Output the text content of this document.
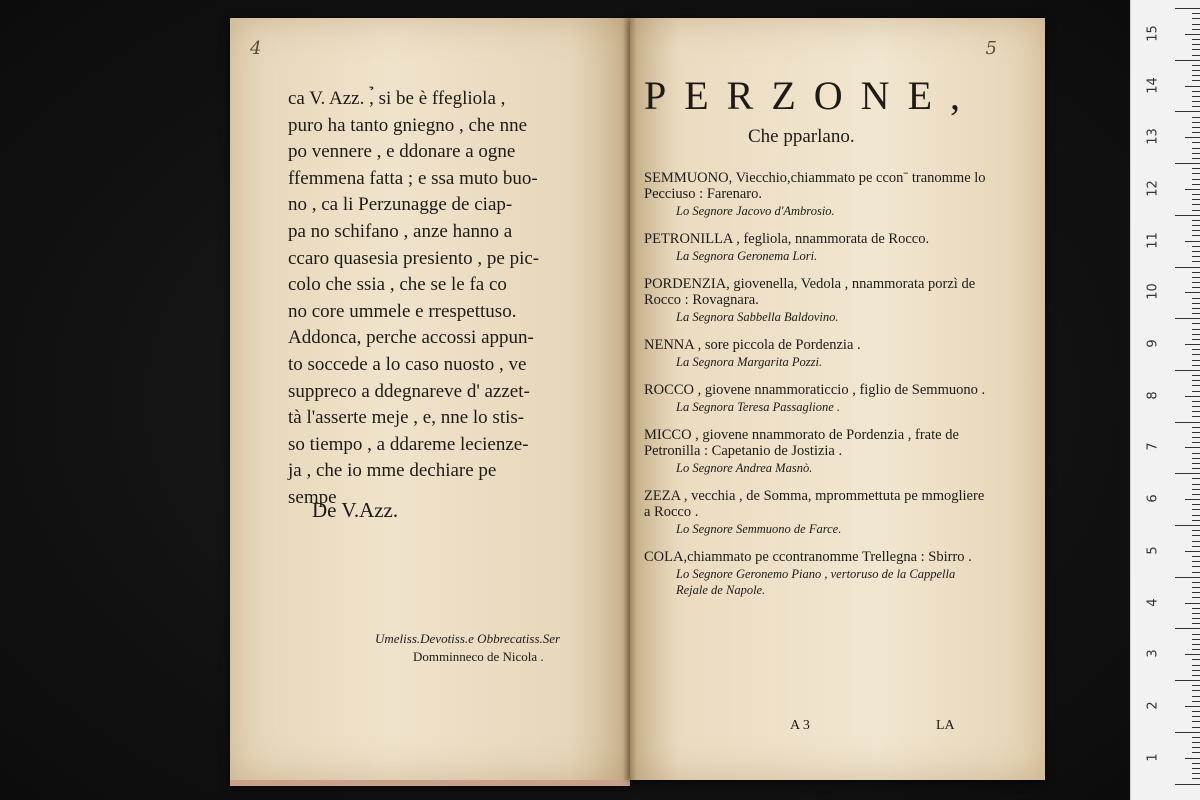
4
ca V. Azz. ,̉ si be è ffegliola ,
puro ha tanto gniegno , che nne
po vennere , e ddonare a ogne
ffemmena fatta ; e ssa muto buo-
no , ca li Perzunagge de ciap-
pa no schifano , anze hanno a
ccaro quasesia presiento , pe pic-
colo che ssia , che se le fa co
no core ummele e rrespettuso.
Addonca, perche accossi appun-
to soccede a lo caso nuosto , ve
suppreco a ddegnareve d' azzet-
tà l'asserte meje , e, nne lo stis-
so tiempo , a ddareme lecienze-
ja , che io mme dechiare pe
sempe
De V.Azz.
Umeliss.Devotiss.e Obbrecatiss.Ser
Domminneco de Nicola .
5
PERZONE,
Che pparlano.
SEMMUONO, Viecchio,chiammato pe cconˉ tranomme lo Pecciuso : Farenaro.
Lo Segnore Jacovo d'Ambrosio.
PETRONILLA , fegliola, nnammorata de Rocco.
La Segnora Geronema Lori.
PORDENZIA, giovenella, Vedola , nnammorata porzì de Rocco : Rovagnara.
La Segnora Sabbella Baldovino.
NENNA , sore piccola de Pordenzia .
La Segnora Margarita Pozzi.
ROCCO , giovene nnammoraticcio , figlio de Semmuono .
La Segnora Teresa Passaglione .
MICCO , giovene nnammorato de Pordenzia , frate de Petronilla : Capetanio de Jostizia .
Lo Segnore Andrea Masnò.
ZEZA , vecchia , de Somma, mprommettuta pe mmogliere a Rocco .
Lo Segnore Semmuono de Farce.
COLA,chiammato pe ccontranomme Trellegna : Sbirro .
Lo Segnore Geronemo Piano , vertoruso de la Cappella Rejale de Napole.
A 3	LA
15
14
13
12
11
10
9
8
7
6
5
4
3
2
1
